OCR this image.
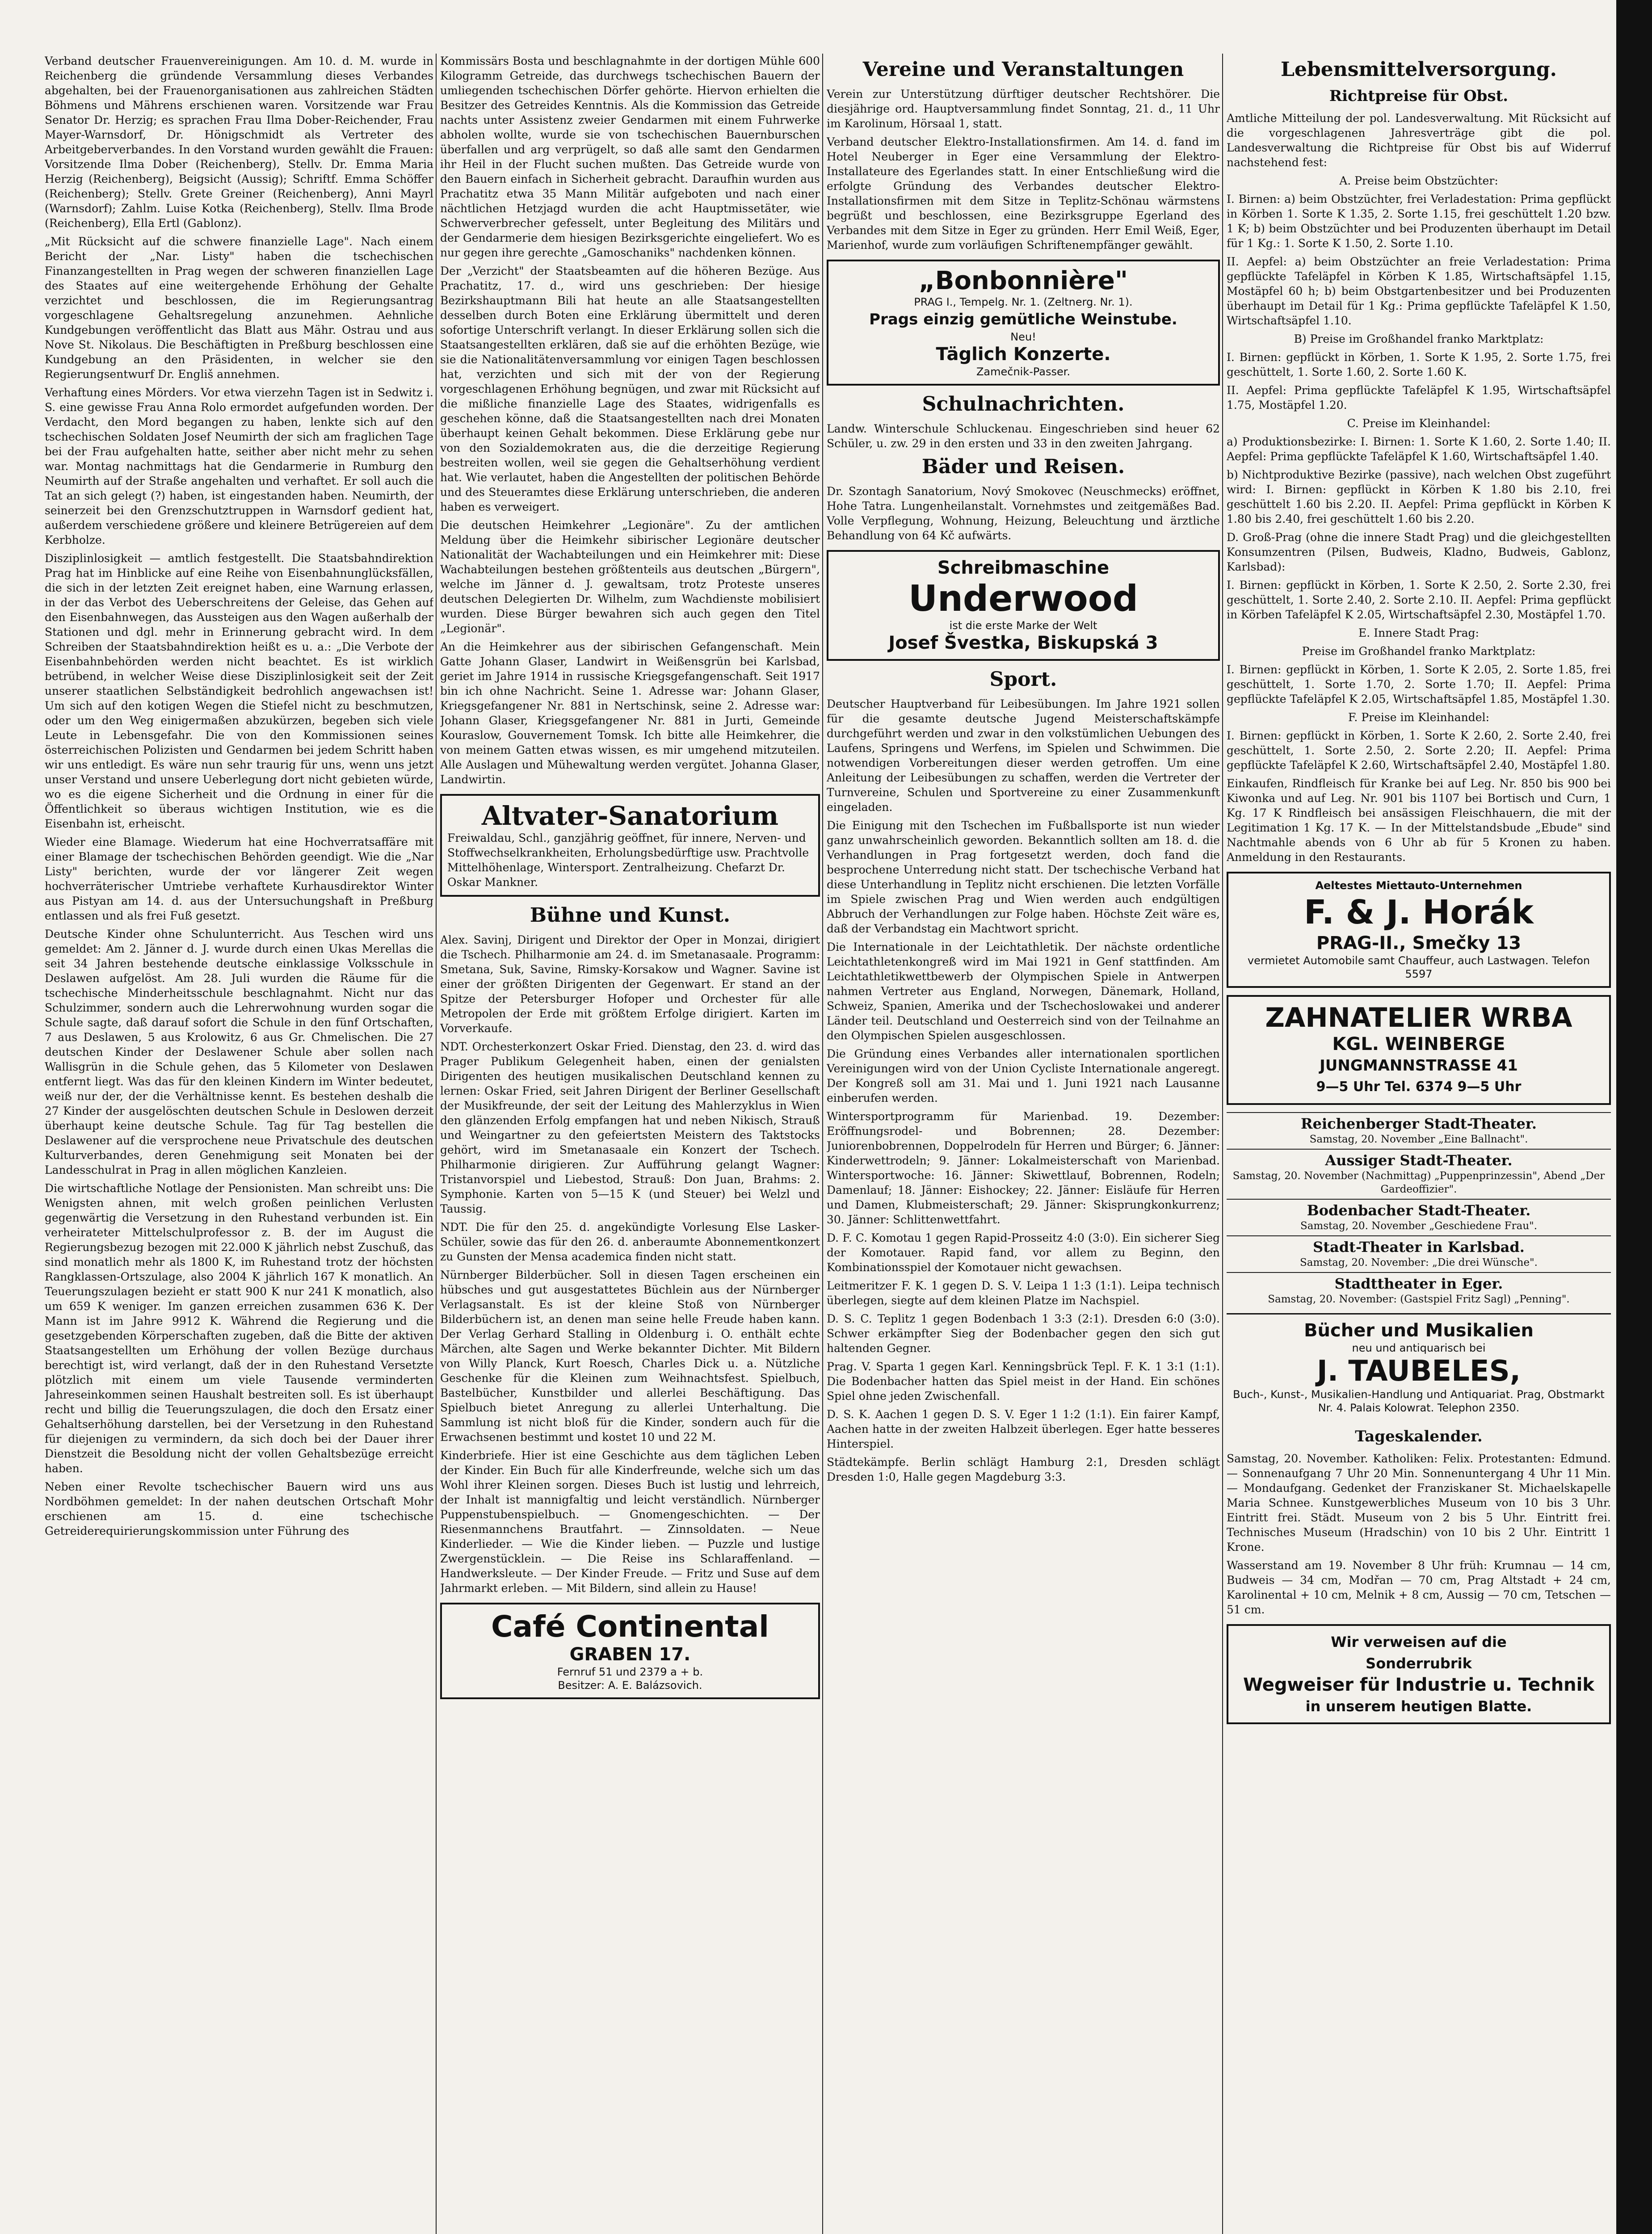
Verband deutscher Frauenvereinigungen. Am 10. d. M. wurde in Reichenberg die gründende Versammlung dieses Verbandes abgehalten, bei der Frauenorganisationen aus zahlreichen Städten Böhmens und Mährens erschienen waren. Vorsitzende war Frau Senator Dr. Herzig; es sprachen Frau Ilma Dober-Reichender, Frau Mayer-Warnsdorf, Dr. Hönigschmidt als Vertreter des Arbeitgeberverbandes. In den Vorstand wurden gewählt die Frauen: Vorsitzende Ilma Dober (Reichenberg), Stellv. Dr. Emma Maria Herzig (Reichenberg), Beigsicht (Aussig); Schriftf. Emma Schöffer (Reichenberg); Stellv. Grete Greiner (Reichenberg), Anni Mayrl (Warnsdorf); Zahlm. Luise Kotka (Reichenberg), Stellv. Ilma Brode (Reichenberg), Ella Ertl (Gablonz).

„Mit Rücksicht auf die schwere finanzielle Lage". Nach einem Bericht der „Nar. Listy" haben die tschechischen Finanzangestellten in Prag wegen der schweren finanziellen Lage des Staates auf eine weitergehende Erhöhung der Gehalte verzichtet und beschlossen, die im Regierungsantrag vorgeschlagene Gehaltsregelung anzunehmen. Aehnliche Kundgebungen veröffentlicht das Blatt aus Mähr. Ostrau und aus Nove St. Nikolaus. Die Beschäftigten in Preßburg beschlossen eine Kundgebung an den Präsidenten, in welcher sie den Regierungsentwurf Dr. Engliš annehmen.

Verhaftung eines Mörders. Vor etwa vierzehn Tagen ist in Sedwitz i. S. eine gewisse Frau Anna Rolo ermordet aufgefunden worden. Der Verdacht, den Mord begangen zu haben, lenkte sich auf den tschechischen Soldaten Josef Neumirth der sich am fraglichen Tage bei der Frau aufgehalten hatte, seither aber nicht mehr zu sehen war. Montag nachmittags hat die Gendarmerie in Rumburg den Neumirth auf der Straße angehalten und verhaftet. Er soll auch die Tat an sich gelegt (?) haben, ist eingestanden haben. Neumirth, der seinerzeit bei den Grenzschutztruppen in Warnsdorf gedient hat, außerdem verschiedene größere und kleinere Betrügereien auf dem Kerbholze.

Disziplinlosigkeit — amtlich festgestellt. Die Staatsbahndirektion Prag hat im Hinblicke auf eine Reihe von Eisenbahnunglücksfällen, die sich in der letzten Zeit ereignet haben, eine Warnung erlassen, in der das Verbot des Ueberschreitens der Geleise, das Gehen auf den Eisenbahnwegen, das Aussteigen aus den Wagen außerhalb der Stationen und dgl. mehr in Erinnerung gebracht wird. In dem Schreiben der Staatsbahndirektion heißt es u. a.: „Die Verbote der Eisenbahnbehörden werden nicht beachtet. Es ist wirklich betrübend, in welcher Weise diese Disziplinlosigkeit seit der Zeit unserer staatlichen Selbständigkeit bedrohlich angewachsen ist! Um sich auf den kotigen Wegen die Stiefel nicht zu beschmutzen, oder um den Weg einigermaßen abzukürzen, begeben sich viele Leute in Lebensgefahr. Die von den Kommissionen seines österreichischen Polizisten und Gendarmen bei jedem Schritt haben wir uns entledigt. Es wäre nun sehr traurig für uns, wenn uns jetzt unser Verstand und unsere Ueberlegung dort nicht gebieten würde, wo es die eigene Sicherheit und die Ordnung in einer für die Öffentlichkeit so überaus wichtigen Institution, wie es die Eisenbahn ist, erheischt.

Wieder eine Blamage. Wiederum hat eine Hochverratsaffäre mit einer Blamage der tschechischen Behörden geendigt. Wie die „Nar Listy" berichten, wurde der vor längerer Zeit wegen hochverräterischer Umtriebe verhaftete Kurhausdirektor Winter aus Pistyan am 14. d. aus der Untersuchungshaft in Preßburg entlassen und als frei Fuß gesetzt.

Deutsche Kinder ohne Schulunterricht. Aus Teschen wird uns gemeldet: Am 2. Jänner d. J. wurde durch einen Ukas Merellas die seit 34 Jahren bestehende deutsche einklassige Volksschule in Deslawen aufgelöst. Am 28. Juli wurden die Räume für die tschechische Minderheitsschule beschlagnahmt. Nicht nur das Schulzimmer, sondern auch die Lehrerwohnung wurden sogar die Schule sagte, daß darauf sofort die Schule in den fünf Ortschaften, 7 aus Deslawen, 5 aus Krolowitz, 6 aus Gr. Chmelischen. Die 27 deutschen Kinder der Deslawener Schule aber sollen nach Wallisgrün in die Schule gehen, das 5 Kilometer von Deslawen entfernt liegt. Was das für den kleinen Kindern im Winter bedeutet, weiß nur der, der die Verhältnisse kennt. Es bestehen deshalb die 27 Kinder der ausgelöschten deutschen Schule in Deslowen derzeit überhaupt keine deutsche Schule. Tag für Tag bestellen die Deslawener auf die versprochene neue Privatschule des deutschen Kulturverbandes, deren Genehmigung seit Monaten bei der Landesschulrat in Prag in allen möglichen Kanzleien.

Die wirtschaftliche Notlage der Pensionisten. Man schreibt uns: Die Wenigsten ahnen, mit welch großen peinlichen Verlusten gegenwärtig die Versetzung in den Ruhestand verbunden ist. Ein verheirateter Mittelschulprofessor z. B. der im August die Regierungsbezug bezogen mit 22.000 K jährlich nebst Zuschuß, das sind monatlich mehr als 1800 K, im Ruhestand trotz der höchsten Rangklassen-Ortszulage, also 2004 K jährlich 167 K monatlich. An Teuerungszulagen bezieht er statt 900 K nur 241 K monatlich, also um 659 K weniger. Im ganzen erreichen zusammen 636 K. Der Mann ist im Jahre 9912 K. Während die Regierung und die gesetzgebenden Körperschaften zugeben, daß die Bitte der aktiven Staatsangestellten um Erhöhung der vollen Bezüge durchaus berechtigt ist, wird verlangt, daß der in den Ruhestand Versetzte plötzlich mit einem um viele Tausende verminderten Jahreseinkommen seinen Haushalt bestreiten soll. Es ist überhaupt recht und billig die Teuerungszulagen, die doch den Ersatz einer Gehaltserhöhung darstellen, bei der Versetzung in den Ruhestand für diejenigen zu vermindern, da sich doch bei der Dauer ihrer Dienstzeit die Besoldung nicht der vollen Gehaltsbezüge erreicht haben.

Neben einer Revolte tschechischer Bauern wird uns aus Nordböhmen gemeldet: In der nahen deutschen Ortschaft Mohr erschienen am 15. d. eine tschechische Getreiderequirierungskommission unter Führung des

Kommissärs Bosta und beschlagnahmte in der dortigen Mühle 600 Kilogramm Getreide, das durchwegs tschechischen Bauern der umliegenden tschechischen Dörfer gehörte. Hiervon erhielten die Besitzer des Getreides Kenntnis. Als die Kommission das Getreide nachts unter Assistenz zweier Gendarmen mit einem Fuhrwerke abholen wollte, wurde sie von tschechischen Bauernburschen überfallen und arg verprügelt, so daß alle samt den Gendarmen ihr Heil in der Flucht suchen mußten. Das Getreide wurde von den Bauern einfach in Sicherheit gebracht. Daraufhin wurden aus Prachatitz etwa 35 Mann Militär aufgeboten und nach einer nächtlichen Hetzjagd wurden die acht Hauptmissetäter, wie Schwerverbrecher gefesselt, unter Begleitung des Militärs und der Gendarmerie dem hiesigen Bezirksgerichte eingeliefert. Wo es nur gegen ihre gerechte „Gamoschaniks" nachdenken können.

Der „Verzicht" der Staatsbeamten auf die höheren Bezüge. Aus Prachatitz, 17. d., wird uns geschrieben: Der hiesige Bezirkshauptmann Bili hat heute an alle Staatsangestellten desselben durch Boten eine Erklärung übermittelt und deren sofortige Unterschrift verlangt. In dieser Erklärung sollen sich die Staatsangestellten erklären, daß sie auf die erhöhten Bezüge, wie sie die Nationalitätenversammlung vor einigen Tagen beschlossen hat, verzichten und sich mit der von der Regierung vorgeschlagenen Erhöhung begnügen, und zwar mit Rücksicht auf die mißliche finanzielle Lage des Staates, widrigenfalls es geschehen könne, daß die Staatsangestellten nach drei Monaten überhaupt keinen Gehalt bekommen. Diese Erklärung gebe nur von den Sozialdemokraten aus, die die derzeitige Regierung bestreiten wollen, weil sie gegen die Gehaltserhöhung verdient hat. Wie verlautet, haben die Angestellten der politischen Behörde und des Steueramtes diese Erklärung unterschrieben, die anderen haben es verweigert.

Die deutschen Heimkehrer „Legionäre". Zu der amtlichen Meldung über die Heimkehr sibirischer Legionäre deutscher Nationalität der Wachabteilungen und ein Heimkehrer mit: Diese Wachabteilungen bestehen größtenteils aus deutschen „Bürgern", welche im Jänner d. J. gewaltsam, trotz Proteste unseres deutschen Delegierten Dr. Wilhelm, zum Wachdienste mobilisiert wurden. Diese Bürger bewahren sich auch gegen den Titel „Legionär".

An die Heimkehrer aus der sibirischen Gefangenschaft. Mein Gatte Johann Glaser, Landwirt in Weißensgrün bei Karlsbad, geriet im Jahre 1914 in russische Kriegsgefangenschaft. Seit 1917 bin ich ohne Nachricht. Seine 1. Adresse war: Johann Glaser, Kriegsgefangener Nr. 881 in Nertschinsk, seine 2. Adresse war: Johann Glaser, Kriegsgefangener Nr. 881 in Jurti, Gemeinde Kouraslow, Gouvernement Tomsk. Ich bitte alle Heimkehrer, die von meinem Gatten etwas wissen, es mir umgehend mitzuteilen. Alle Auslagen und Mühewaltung werden vergütet. Johanna Glaser, Landwirtin.

Altvater-Sanatorium
Freiwaldau, Schl., ganzjährig geöffnet, für innere, Nerven- und Stoffwechselkrankheiten, Erholungsbedürftige usw. Prachtvolle Mittelhöhenlage, Wintersport. Zentralheizung. Chefarzt Dr. Oskar Mankner.
Bühne und Kunst.

Alex. Savinj, Dirigent und Direktor der Oper in Monzai, dirigiert die Tschech. Philharmonie am 24. d. im Smetanasaale. Programm: Smetana, Suk, Savine, Rimsky-Korsakow und Wagner. Savine ist einer der größten Dirigenten der Gegenwart. Er stand an der Spitze der Petersburger Hofoper und Orchester für alle Metropolen der Erde mit größtem Erfolge dirigiert. Karten im Vorverkaufe.

NDT. Orchesterkonzert Oskar Fried. Dienstag, den 23. d. wird das Prager Publikum Gelegenheit haben, einen der genialsten Dirigenten des heutigen musikalischen Deutschland kennen zu lernen: Oskar Fried, seit Jahren Dirigent der Berliner Gesellschaft der Musikfreunde, der seit der Leitung des Mahlerzyklus in Wien den glänzenden Erfolg empfangen hat und neben Nikisch, Strauß und Weingartner zu den gefeiertsten Meistern des Taktstocks gehört, wird im Smetanasaale ein Konzert der Tschech. Philharmonie dirigieren. Zur Aufführung gelangt Wagner: Tristanvorspiel und Liebestod, Strauß: Don Juan, Brahms: 2. Symphonie. Karten von 5—15 K (und Steuer) bei Welzl und Taussig.

NDT. Die für den 25. d. angekündigte Vorlesung Else Lasker-Schüler, sowie das für den 26. d. anberaumte Abonnementkonzert zu Gunsten der Mensa academica finden nicht statt.

Nürnberger Bilderbücher. Soll in diesen Tagen erscheinen ein hübsches und gut ausgestattetes Büchlein aus der Nürnberger Verlagsanstalt. Es ist der kleine Stoß von Nürnberger Bilderbüchern ist, an denen man seine helle Freude haben kann. Der Verlag Gerhard Stalling in Oldenburg i. O. enthält echte Märchen, alte Sagen und Werke bekannter Dichter. Mit Bildern von Willy Planck, Kurt Roesch, Charles Dick u. a. Nützliche Geschenke für die Kleinen zum Weihnachtsfest. Spielbuch, Bastelbücher, Kunstbilder und allerlei Beschäftigung. Das Spielbuch bietet Anregung zu allerlei Unterhaltung. Die Sammlung ist nicht bloß für die Kinder, sondern auch für die Erwachsenen bestimmt und kostet 10 und 22 M.

Kinderbriefe. Hier ist eine Geschichte aus dem täglichen Leben der Kinder. Ein Buch für alle Kinderfreunde, welche sich um das Wohl ihrer Kleinen sorgen. Dieses Buch ist lustig und lehrreich, der Inhalt ist mannigfaltig und leicht verständlich. Nürnberger Puppenstubenspielbuch. — Gnomengeschichten. — Der Riesenmannchens Brautfahrt. — Zinnsoldaten. — Neue Kinderlieder. — Wie die Kinder lieben. — Puzzle und lustige Zwergenstücklein. — Die Reise ins Schlaraffenland. — Handwerksleute. — Der Kinder Freude. — Fritz und Suse auf dem Jahrmarkt erleben. — Mit Bildern, sind allein zu Hause!

Café Continental
GRABEN 17.
Fernruf 51 und 2379 a + b.
Besitzer: A. E. Balázsovich.
Vereine und Veranstaltungen

Verein zur Unterstützung dürftiger deutscher Rechtshörer. Die diesjährige ord. Hauptversammlung findet Sonntag, 21. d., 11 Uhr im Karolinum, Hörsaal 1, statt.

Verband deutscher Elektro-Installationsfirmen. Am 14. d. fand im Hotel Neuberger in Eger eine Versammlung der Elektro-Installateure des Egerlandes statt. In einer Entschließung wird die erfolgte Gründung des Verbandes deutscher Elektro-Installationsfirmen mit dem Sitze in Teplitz-Schönau wärmstens begrüßt und beschlossen, eine Bezirksgruppe Egerland des Verbandes mit dem Sitze in Eger zu gründen. Herr Emil Weiß, Eger, Marienhof, wurde zum vorläufigen Schriftenempfänger gewählt.

„Bonbonnière"
PRAG I., Tempelg. Nr. 1. (Zeltnerg. Nr. 1).
Prags einzig gemütliche Weinstube.
Neu!
Täglich Konzerte.
Zamečnik-Passer.
Schulnachrichten.

Landw. Winterschule Schluckenau. Eingeschrieben sind heuer 62 Schüler, u. zw. 29 in den ersten und 33 in den zweiten Jahrgang.

Bäder und Reisen.

Dr. Szontagh Sanatorium, Nový Smokovec (Neuschmecks) eröffnet, Hohe Tatra. Lungenheilanstalt. Vornehmstes und zeitgemäßes Bad. Volle Verpflegung, Wohnung, Heizung, Beleuchtung und ärztliche Behandlung von 64 Kč aufwärts.

Schreibmaschine
Underwood
ist die erste Marke der Welt
Josef Švestka, Biskupská 3
Sport.

Deutscher Hauptverband für Leibesübungen. Im Jahre 1921 sollen für die gesamte deutsche Jugend Meisterschaftskämpfe durchgeführt werden und zwar in den volkstümlichen Uebungen des Laufens, Springens und Werfens, im Spielen und Schwimmen. Die notwendigen Vorbereitungen dieser werden getroffen. Um eine Anleitung der Leibesübungen zu schaffen, werden die Vertreter der Turnvereine, Schulen und Sportvereine zu einer Zusammenkunft eingeladen.

Die Einigung mit den Tschechen im Fußballsporte ist nun wieder ganz unwahrscheinlich geworden. Bekanntlich sollten am 18. d. die Verhandlungen in Prag fortgesetzt werden, doch fand die besprochene Unterredung nicht statt. Der tschechische Verband hat diese Unterhandlung in Teplitz nicht erschienen. Die letzten Vorfälle im Spiele zwischen Prag und Wien werden auch endgültigen Abbruch der Verhandlungen zur Folge haben. Höchste Zeit wäre es, daß der Verbandstag ein Machtwort spricht.

Die Internationale in der Leichtathletik. Der nächste ordentliche Leichtathletenkongreß wird im Mai 1921 in Genf stattfinden. Am Leichtathletikwettbewerb der Olympischen Spiele in Antwerpen nahmen Vertreter aus England, Norwegen, Dänemark, Holland, Schweiz, Spanien, Amerika und der Tschechoslowakei und anderer Länder teil. Deutschland und Oesterreich sind von der Teilnahme an den Olympischen Spielen ausgeschlossen.

Die Gründung eines Verbandes aller internationalen sportlichen Vereinigungen wird von der Union Cycliste Internationale angeregt. Der Kongreß soll am 31. Mai und 1. Juni 1921 nach Lausanne einberufen werden.

Wintersportprogramm für Marienbad. 19. Dezember: Eröffnungsrodel- und Bobrennen; 28. Dezember: Juniorenbobrennen, Doppelrodeln für Herren und Bürger; 6. Jänner: Kinderwettrodeln; 9. Jänner: Lokalmeisterschaft von Marienbad. Wintersportwoche: 16. Jänner: Skiwettlauf, Bobrennen, Rodeln; Damenlauf; 18. Jänner: Eishockey; 22. Jänner: Eisläufe für Herren und Damen, Klubmeisterschaft; 29. Jänner: Skisprungkonkurrenz; 30. Jänner: Schlittenwettfahrt.

D. F. C. Komotau 1 gegen Rapid-Prosseitz 4:0 (3:0). Ein sicherer Sieg der Komotauer. Rapid fand, vor allem zu Beginn, den Kombinationsspiel der Komotauer nicht gewachsen.

Leitmeritzer F. K. 1 gegen D. S. V. Leipa 1 1:3 (1:1). Leipa technisch überlegen, siegte auf dem kleinen Platze im Nachspiel.

D. S. C. Teplitz 1 gegen Bodenbach 1 3:3 (2:1). Dresden 6:0 (3:0). Schwer erkämpfter Sieg der Bodenbacher gegen den sich gut haltenden Gegner.

Prag. V. Sparta 1 gegen Karl. Kenningsbrück Tepl. F. K. 1 3:1 (1:1). Die Bodenbacher hatten das Spiel meist in der Hand. Ein schönes Spiel ohne jeden Zwischenfall.

D. S. K. Aachen 1 gegen D. S. V. Eger 1 1:2 (1:1). Ein fairer Kampf, Aachen hatte in der zweiten Halbzeit überlegen. Eger hatte besseres Hinterspiel.

Städtekämpfe. Berlin schlägt Hamburg 2:1, Dresden schlägt Dresden 1:0, Halle gegen Magdeburg 3:3.

Lebensmittelversorgung.
Richtpreise für Obst.

Amtliche Mitteilung der pol. Landesverwaltung. Mit Rücksicht auf die vorgeschlagenen Jahresverträge gibt die pol. Landesverwaltung die Richtpreise für Obst bis auf Widerruf nachstehend fest:

A. Preise beim Obstzüchter:

I. Birnen: a) beim Obstzüchter, frei Verladestation: Prima gepflückt in Körben 1. Sorte K 1.35, 2. Sorte 1.15, frei geschüttelt 1.20 bzw. 1 K; b) beim Obstzüchter und bei Produzenten überhaupt im Detail für 1 Kg.: 1. Sorte K 1.50, 2. Sorte 1.10.

II. Aepfel: a) beim Obstzüchter an freie Verladestation: Prima gepflückte Tafeläpfel in Körben K 1.85, Wirtschaftsäpfel 1.15, Mostäpfel 60 h; b) beim Obstgartenbesitzer und bei Produzenten überhaupt im Detail für 1 Kg.: Prima gepflückte Tafeläpfel K 1.50, Wirtschaftsäpfel 1.10.

B) Preise im Großhandel franko Marktplatz:

I. Birnen: gepflückt in Körben, 1. Sorte K 1.95, 2. Sorte 1.75, frei geschüttelt, 1. Sorte 1.60, 2. Sorte 1.60 K.

II. Aepfel: Prima gepflückte Tafeläpfel K 1.95, Wirtschaftsäpfel 1.75, Mostäpfel 1.20.

C. Preise im Kleinhandel:

a) Produktionsbezirke: I. Birnen: 1. Sorte K 1.60, 2. Sorte 1.40; II. Aepfel: Prima gepflückte Tafeläpfel K 1.60, Wirtschaftsäpfel 1.40.

b) Nichtproduktive Bezirke (passive), nach welchen Obst zugeführt wird: I. Birnen: gepflückt in Körben K 1.80 bis 2.10, frei geschüttelt 1.60 bis 2.20. II. Aepfel: Prima gepflückt in Körben K 1.80 bis 2.40, frei geschüttelt 1.60 bis 2.20.

D. Groß-Prag (ohne die innere Stadt Prag) und die gleichgestellten Konsumzentren (Pilsen, Budweis, Kladno, Budweis, Gablonz, Karlsbad):

I. Birnen: gepflückt in Körben, 1. Sorte K 2.50, 2. Sorte 2.30, frei geschüttelt, 1. Sorte 2.40, 2. Sorte 2.10. II. Aepfel: Prima gepflückt in Körben Tafeläpfel K 2.05, Wirtschaftsäpfel 2.30, Mostäpfel 1.70.

E. Innere Stadt Prag:

Preise im Großhandel franko Marktplatz:

I. Birnen: gepflückt in Körben, 1. Sorte K 2.05, 2. Sorte 1.85, frei geschüttelt, 1. Sorte 1.70, 2. Sorte 1.70; II. Aepfel: Prima gepflückte Tafeläpfel K 2.05, Wirtschaftsäpfel 1.85, Mostäpfel 1.30.

F. Preise im Kleinhandel:

I. Birnen: gepflückt in Körben, 1. Sorte K 2.60, 2. Sorte 2.40, frei geschüttelt, 1. Sorte 2.50, 2. Sorte 2.20; II. Aepfel: Prima gepflückte Tafeläpfel K 2.60, Wirtschaftsäpfel 2.40, Mostäpfel 1.80.

Einkaufen, Rindfleisch für Kranke bei auf Leg. Nr. 850 bis 900 bei Kiwonka und auf Leg. Nr. 901 bis 1107 bei Bortisch und Curn, 1 Kg. 17 K Rindfleisch bei ansässigen Fleischhauern, die mit der Legitimation 1 Kg. 17 K. — In der Mittelstandsbude „Ebude" sind Nachtmahle abends von 6 Uhr ab für 5 Kronen zu haben. Anmeldung in den Restaurants.

Aeltestes Miettauto-Unternehmen
F. & J. Horák
PRAG-II., Smečky 13
vermietet Automobile samt Chauffeur, auch Lastwagen. Telefon 5597
ZAHNATELIER WRBA
KGL. WEINBERGE
JUNGMANNSTRASSE 41
9—5 Uhr Tel. 6374 9—5 Uhr
Reichenberger Stadt-Theater.
Samstag, 20. November „Eine Ballnacht".
Aussiger Stadt-Theater.
Samstag, 20. November (Nachmittag) „Puppenprinzessin", Abend „Der Gardeoffizier".
Bodenbacher Stadt-Theater.
Samstag, 20. November „Geschiedene Frau".
Stadt-Theater in Karlsbad.
Samstag, 20. November: „Die drei Wünsche".
Stadttheater in Eger.
Samstag, 20. November: (Gastspiel Fritz Sagl) „Penning".
Bücher und Musikalien
neu und antiquarisch bei
J. TAUBELES,
Buch-, Kunst-, Musikalien-Handlung und Antiquariat. Prag, Obstmarkt Nr. 4. Palais Kolowrat. Telephon 2350.
Tageskalender.

Samstag, 20. November. Katholiken: Felix. Protestanten: Edmund. — Sonnenaufgang 7 Uhr 20 Min. Sonnenuntergang 4 Uhr 11 Min. — Mondaufgang. Gedenket der Franziskaner St. Michaelskapelle Maria Schnee. Kunstgewerbliches Museum von 10 bis 3 Uhr. Eintritt frei. Städt. Museum von 2 bis 5 Uhr. Eintritt frei. Technisches Museum (Hradschin) von 10 bis 2 Uhr. Eintritt 1 Krone.

Wasserstand am 19. November 8 Uhr früh: Krumnau — 14 cm, Budweis — 34 cm, Modřan — 70 cm, Prag Altstadt + 24 cm, Karolinental + 10 cm, Melnik + 8 cm, Aussig — 70 cm, Tetschen — 51 cm.

Wir verweisen auf die
Sonderrubrik
Wegweiser für Industrie u. Technik
in unserem heutigen Blatte.
